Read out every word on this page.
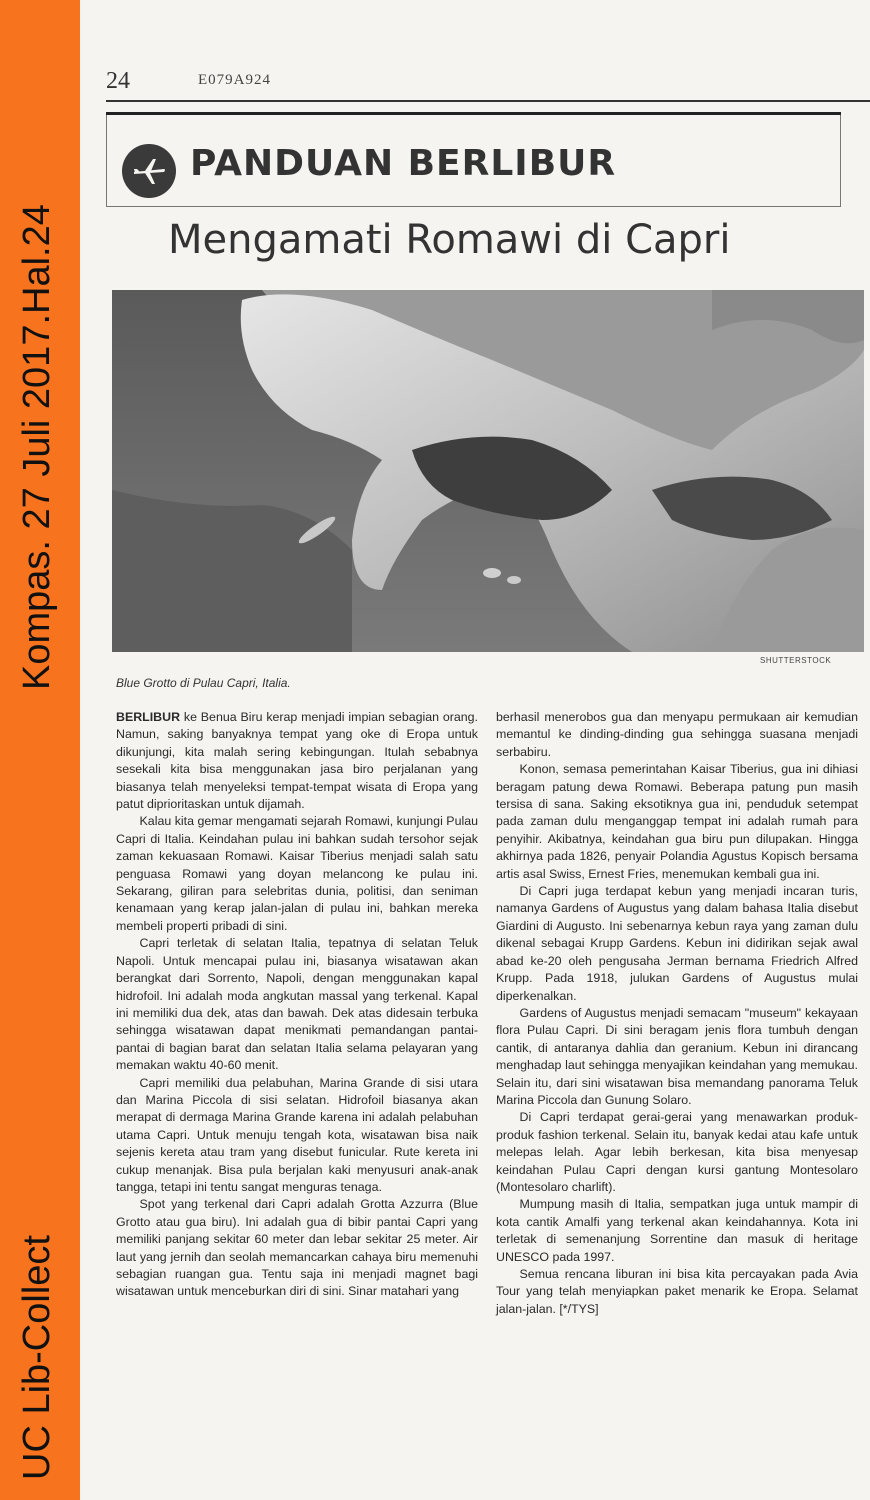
Kompas. 27 Juli 2017.Hal.24
UC Lib-Collect
24	E079A924
PANDUAN BERLIBUR
Mengamati Romawi di Capri
SHUTTERSTOCK
Blue Grotto di Pulau Capri, Italia.

BERLIBUR ke Benua Biru kerap menjadi impian sebagian orang. Namun, saking banyaknya tempat yang oke di Eropa untuk dikunjungi, kita malah sering kebingungan. Itulah sebabnya sesekali kita bisa menggunakan jasa biro perjalanan yang biasanya telah menyeleksi tempat-tempat wisata di Eropa yang patut diprioritaskan untuk dijamah.

Kalau kita gemar mengamati sejarah Romawi, kunjungi Pulau Capri di Italia. Keindahan pulau ini bahkan sudah tersohor sejak zaman kekuasaan Romawi. Kaisar Tiberius menjadi salah satu penguasa Romawi yang doyan melancong ke pulau ini. Sekarang, giliran para selebritas dunia, politisi, dan seniman kenamaan yang kerap jalan-jalan di pulau ini, bahkan mereka membeli properti pribadi di sini.

Capri terletak di selatan Italia, tepatnya di selatan Teluk Napoli. Untuk mencapai pulau ini, biasanya wisatawan akan berangkat dari Sorrento, Napoli, dengan menggunakan kapal hidrofoil. Ini adalah moda angkutan massal yang terkenal. Kapal ini memiliki dua dek, atas dan bawah. Dek atas didesain terbuka sehingga wisatawan dapat menikmati pemandangan pantai-pantai di bagian barat dan selatan Italia selama pelayaran yang memakan waktu 40-60 menit.

Capri memiliki dua pelabuhan, Marina Grande di sisi utara dan Marina Piccola di sisi selatan. Hidrofoil biasanya akan merapat di dermaga Marina Grande karena ini adalah pelabuhan utama Capri. Untuk menuju tengah kota, wisatawan bisa naik sejenis kereta atau tram yang disebut funicular. Rute kereta ini cukup menanjak. Bisa pula berjalan kaki menyusuri anak-anak tangga, tetapi ini tentu sangat menguras tenaga.

Spot yang terkenal dari Capri adalah Grotta Azzurra (Blue Grotto atau gua biru). Ini adalah gua di bibir pantai Capri yang memiliki panjang sekitar 60 meter dan lebar sekitar 25 meter. Air laut yang jernih dan seolah memancarkan cahaya biru memenuhi sebagian ruangan gua. Tentu saja ini menjadi magnet bagi wisatawan untuk menceburkan diri di sini. Sinar matahari yang

berhasil menerobos gua dan menyapu permukaan air kemudian memantul ke dinding-dinding gua sehingga suasana menjadi serbabiru.

Konon, semasa pemerintahan Kaisar Tiberius, gua ini dihiasi beragam patung dewa Romawi. Beberapa patung pun masih tersisa di sana. Saking eksotiknya gua ini, penduduk setempat pada zaman dulu menganggap tempat ini adalah rumah para penyihir. Akibatnya, keindahan gua biru pun dilupakan. Hingga akhirnya pada 1826, penyair Polandia Agustus Kopisch bersama artis asal Swiss, Ernest Fries, menemukan kembali gua ini.

Di Capri juga terdapat kebun yang menjadi incaran turis, namanya Gardens of Augustus yang dalam bahasa Italia disebut Giardini di Augusto. Ini sebenarnya kebun raya yang zaman dulu dikenal sebagai Krupp Gardens. Kebun ini didirikan sejak awal abad ke-20 oleh pengusaha Jerman bernama Friedrich Alfred Krupp. Pada 1918, julukan Gardens of Augustus mulai diperkenalkan.

Gardens of Augustus menjadi semacam "museum" kekayaan flora Pulau Capri. Di sini beragam jenis flora tumbuh dengan cantik, di antaranya dahlia dan geranium. Kebun ini dirancang menghadap laut sehingga menyajikan keindahan yang memukau. Selain itu, dari sini wisatawan bisa memandang panorama Teluk Marina Piccola dan Gunung Solaro.

Di Capri terdapat gerai-gerai yang menawarkan produk-produk fashion terkenal. Selain itu, banyak kedai atau kafe untuk melepas lelah. Agar lebih berkesan, kita bisa menyesap keindahan Pulau Capri dengan kursi gantung Montesolaro (Montesolaro charlift).

Mumpung masih di Italia, sempatkan juga untuk mampir di kota cantik Amalfi yang terkenal akan keindahannya. Kota ini terletak di semenanjung Sorrentine dan masuk di heritage UNESCO pada 1997.

Semua rencana liburan ini bisa kita percayakan pada Avia Tour yang telah menyiapkan paket menarik ke Eropa. Selamat jalan-jalan. [*/TYS]
